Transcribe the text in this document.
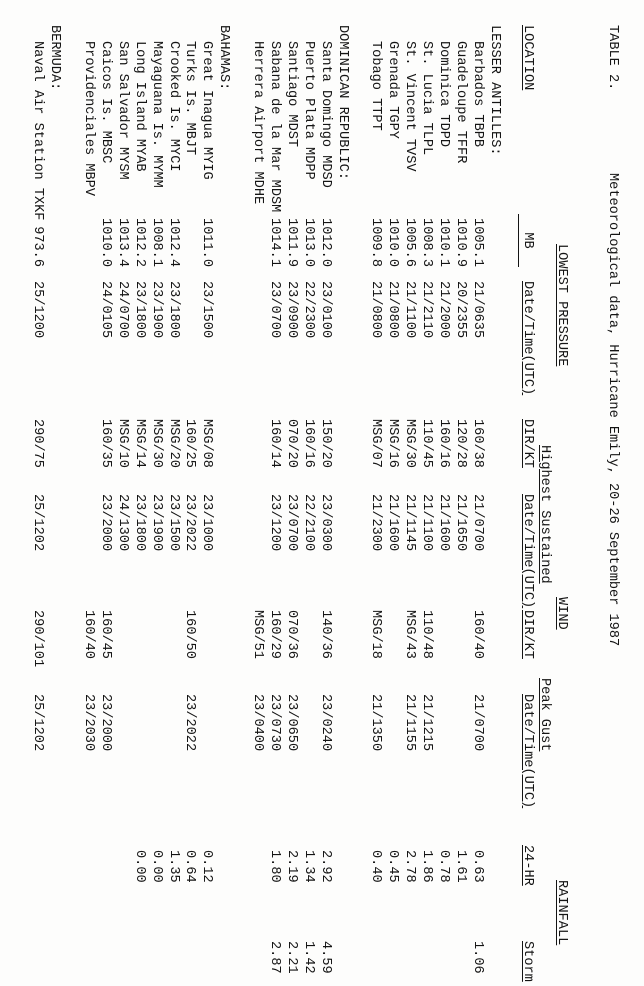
TABLE 2.
Meteorological data, Hurricane Emily, 20-26 September 1987
LOWEST PRESSURE
WIND
RAINFALL
Highest Sustained
Peak Gust
LOCATION
MB
Date/Time(UTC)
DIR/KT
Date/Time(UTC)
DIR/KT
Date/Time(UTC)
24-HR
Storm
LESSER ANTILLES:
Barbados TBPB
1005.1
21/0635
160/38
21/0700
160/40
21/0700
0.63
1.06
Guadeloupe TFFR
1010.9
20/2355
120/28
21/1650
1.61
Dominica TDPD
1010.1
21/2000
160/16
21/1600
0.78
St. Lucia TLPL
1008.3
21/2110
110/45
21/1100
110/48
21/1215
1.86
St. Vincent TVSV
1005.6
21/1100
MSG/30
21/1145
MSG/43
21/1155
2.78
Grenada TGPY
1010.0
21/0800
MSG/16
21/1600
0.45
Tobago TTPT
1009.8
21/0800
MSG/07
21/2300
MSG/18
21/1350
0.40
DOMINICAN REPUBLIC:
Santa Domingo MDSD
1012.0
23/0100
150/20
23/0300
140/36
23/0240
2.92
4.59
Puerto Plata MDPP
1013.0
22/2300
160/16
22/2100
1.34
1.42
Santiago MDST
1011.9
23/0900
070/20
23/0700
070/36
23/0650
2.19
2.21
Sabana de la Mar MDSM
1014.1
23/0700
160/14
23/1200
160/29
23/0730
1.80
2.87
Herrera Airport MDHE
MSG/51
23/0400
BAHAMAS:
Great Inagua MYIG
1011.0
23/1500
MSG/08
23/1000
0.12
Turks Is. MBJT
160/25
23/2022
160/50
23/2022
0.64
Crooked Is. MYCI
1012.4
23/1800
MSG/20
23/1500
1.35
Mayaguana Is. MYMM
1008.1
23/1900
MSG/30
23/1900
0.00
Long Island MYAB
1012.2
23/1800
MSG/14
23/1800
0.00
San Salvador MYSM
1013.4
24/0700
MSG/10
24/1300
Caicos Is. MBSC
1010.0
24/0105
160/35
23/2000
160/45
23/2000
Providenciales MBPV
160/40
23/2030
BERMUDA:
Naval Air Station TXKF
973.6
25/1200
290/75
25/1202
290/101
25/1202
